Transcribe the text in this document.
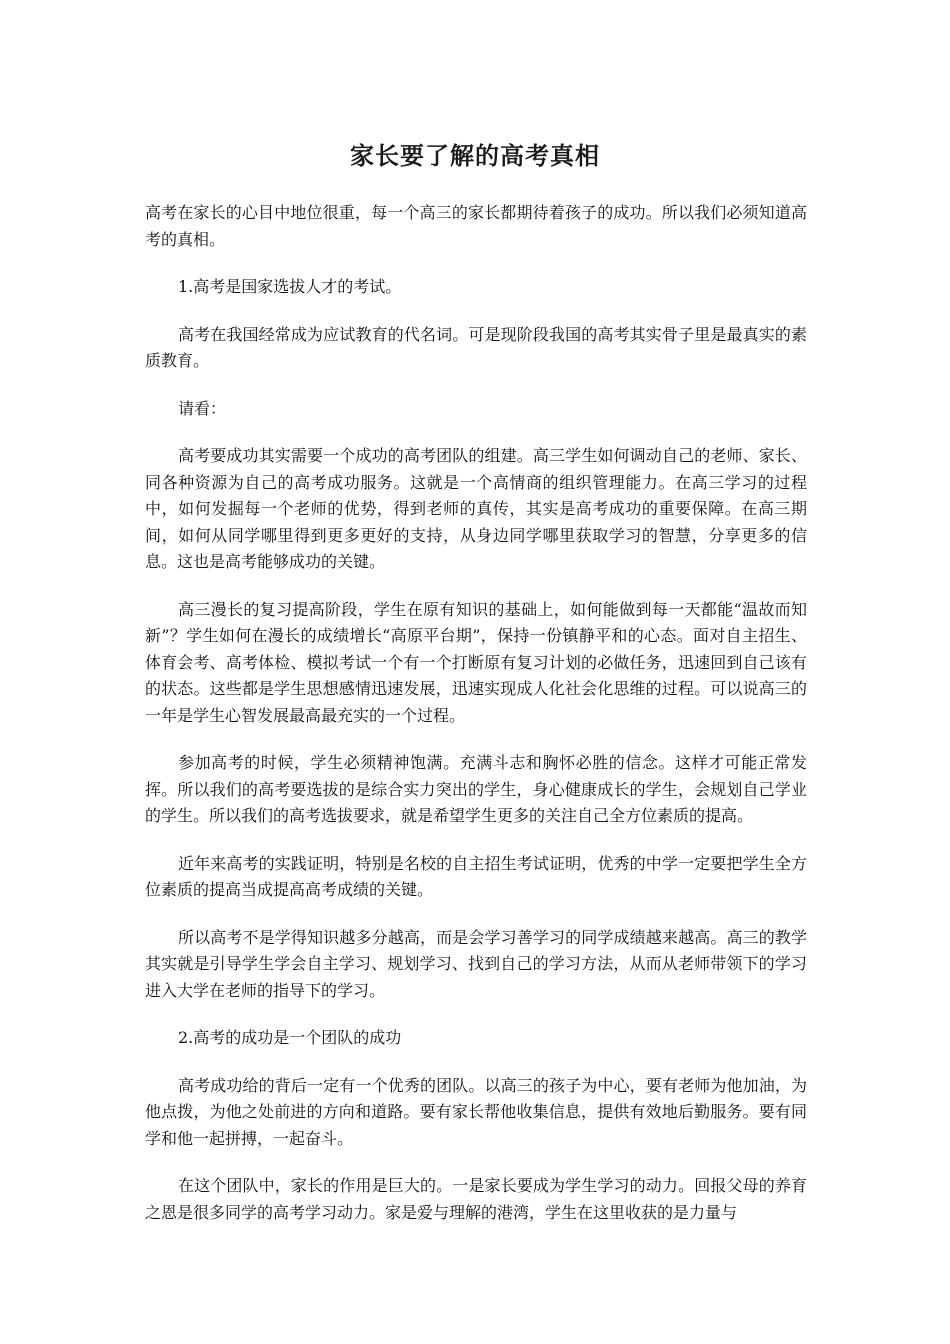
家长要了解的高考真相

高考在家长的心目中地位很重，每一个高三的家长都期待着孩子的成功。所以我们必须知道高考的真相。

1.高考是国家选拔人才的考试。

高考在我国经常成为应试教育的代名词。可是现阶段我国的高考其实骨子里是最真实的素质教育。

请看：

高考要成功其实需要一个成功的高考团队的组建。高三学生如何调动自己的老师、家长、同各种资源为自己的高考成功服务。这就是一个高情商的组织管理能力。在高三学习的过程中，如何发掘每一个老师的优势，得到老师的真传，其实是高考成功的重要保障。在高三期间，如何从同学哪里得到更多更好的支持，从身边同学哪里获取学习的智慧，分享更多的信息。这也是高考能够成功的关键。

高三漫长的复习提高阶段，学生在原有知识的基础上，如何能做到每一天都能“温故而知新”？学生如何在漫长的成绩增长“高原平台期”，保持一份镇静平和的心态。面对自主招生、体育会考、高考体检、模拟考试一个有一个打断原有复习计划的必做任务，迅速回到自己该有的状态。这些都是学生思想感情迅速发展，迅速实现成人化社会化思维的过程。可以说高三的一年是学生心智发展最高最充实的一个过程。

参加高考的时候，学生必须精神饱满。充满斗志和胸怀必胜的信念。这样才可能正常发挥。所以我们的高考要选拔的是综合实力突出的学生，身心健康成长的学生，会规划自己学业的学生。所以我们的高考选拔要求，就是希望学生更多的关注自己全方位素质的提高。

近年来高考的实践证明，特别是名校的自主招生考试证明，优秀的中学一定要把学生全方位素质的提高当成提高高考成绩的关键。

所以高考不是学得知识越多分越高，而是会学习善学习的同学成绩越来越高。高三的教学其实就是引导学生学会自主学习、规划学习、找到自己的学习方法，从而从老师带领下的学习进入大学在老师的指导下的学习。

2.高考的成功是一个团队的成功

高考成功给的背后一定有一个优秀的团队。以高三的孩子为中心，要有老师为他加油，为他点拨，为他之处前进的方向和道路。要有家长帮他收集信息，提供有效地后勤服务。要有同学和他一起拼搏，一起奋斗。

在这个团队中，家长的作用是巨大的。一是家长要成为学生学习的动力。回报父母的养育之恩是很多同学的高考学习动力。家是爱与理解的港湾，学生在这里收获的是力量与
